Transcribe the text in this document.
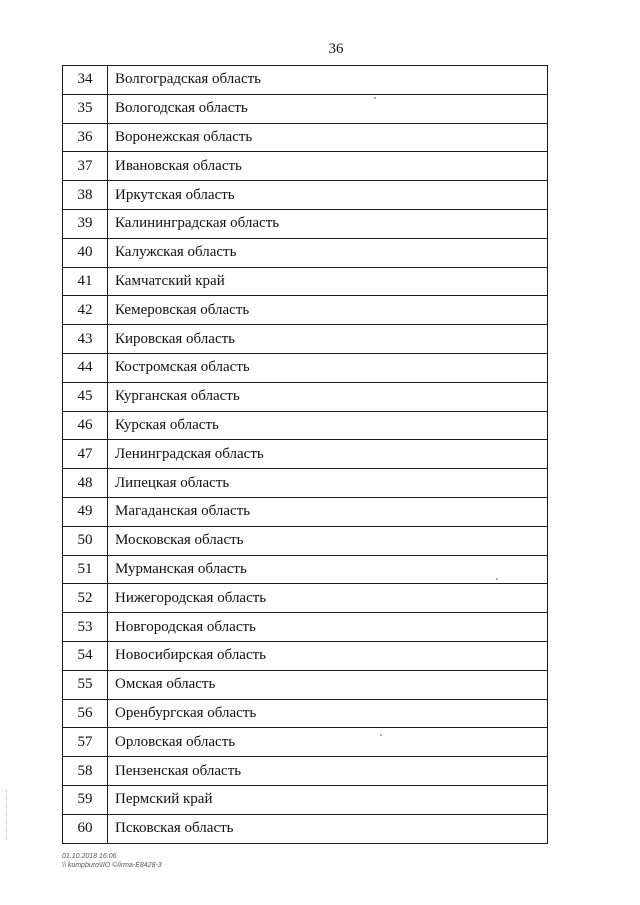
36
34	Волгоградская область
35	Вологодская область
36	Воронежская область
37	Ивановская область
38	Иркутская область
39	Калининградская область
40	Калужская область
41	Камчатский край
42	Кемеровская область
43	Кировская область
44	Костромская область
45	Курганская область
46	Курская область
47	Ленинградская область
48	Липецкая область
49	Магаданская область
50	Московская область
51	Мурманская область
52	Нижегородская область
53	Новгородская область
54	Новосибирская область
55	Омская область
56	Оренбургская область
57	Орловская область
58	Пензенская область
59	Пермский край
60	Псковская область
01.10.2018 16:06
\\ kumpburo\IIO ©/irma-E8428-3
